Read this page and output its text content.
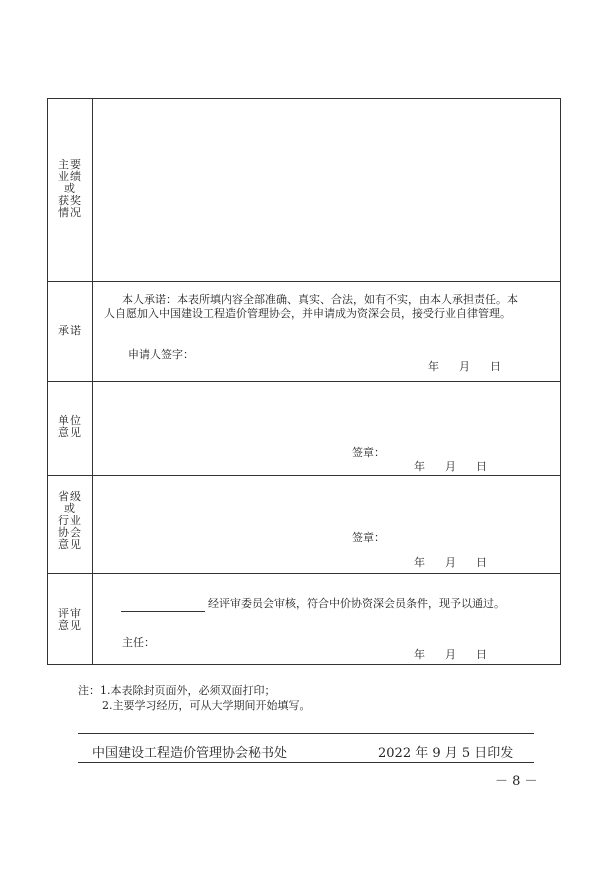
主要
业绩
或
获奖
情况
承诺
本人承诺：本表所填内容全部准确、真实、合法，如有不实，由本人承担责任。本
人自愿加入中国建设工程造价管理协会，并申请成为资深会员，接受行业自律管理。
申请人签字：
年 月 日
单位
意见
签章：
年 月 日
省级
或
行业
协会
意见
签章：
年 月 日
评审
意见
经评审委员会审核，符合中价协资深会员条件，现予以通过。
主任：
年 月 日
注：1.本表除封页面外，必须双面打印；
2.主要学习经历，可从大学期间开始填写。
中国建设工程造价管理协会秘书处	2022 年 9 月 5 日印发
－ 8 －
